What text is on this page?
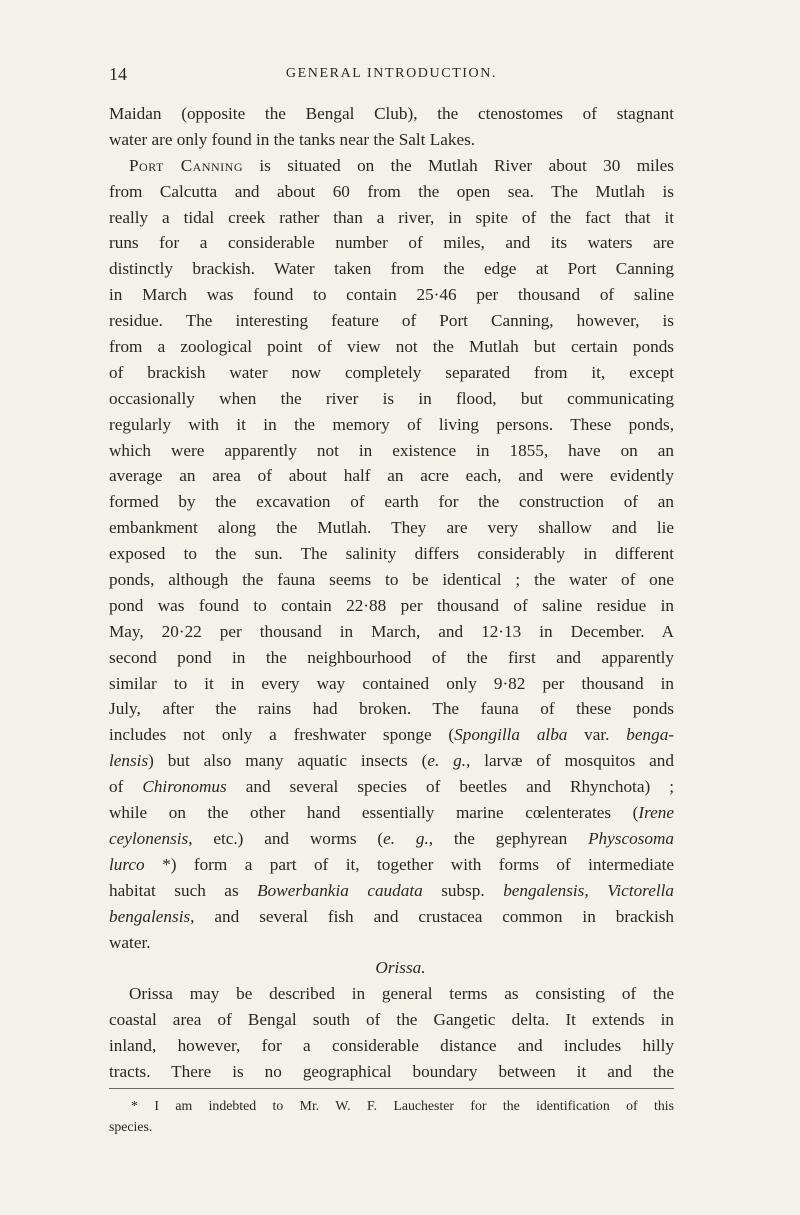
14	GENERAL INTRODUCTION.
Maidan (opposite the Bengal Club), the ctenostomes of stagnant
water are only found in the tanks near the Salt Lakes.
Port Canning is situated on the Mutlah River about 30 miles
from Calcutta and about 60 from the open sea. The Mutlah is
really a tidal creek rather than a river, in spite of the fact that it
runs for a considerable number of miles, and its waters are
distinctly brackish. Water taken from the edge at Port Canning
in March was found to contain 25·46 per thousand of saline
residue. The interesting feature of Port Canning, however, is
from a zoological point of view not the Mutlah but certain ponds
of brackish water now completely separated from it, except
occasionally when the river is in flood, but communicating
regularly with it in the memory of living persons. These ponds,
which were apparently not in existence in 1855, have on an
average an area of about half an acre each, and were evidently
formed by the excavation of earth for the construction of an
embankment along the Mutlah. They are very shallow and lie
exposed to the sun. The salinity differs considerably in different
ponds, although the fauna seems to be identical ; the water of one
pond was found to contain 22·88 per thousand of saline residue in
May, 20·22 per thousand in March, and 12·13 in December. A
second pond in the neighbourhood of the first and apparently
similar to it in every way contained only 9·82 per thousand in
July, after the rains had broken. The fauna of these ponds
includes not only a freshwater sponge (Spongilla alba var. benga-
lensis) but also many aquatic insects (e. g., larvæ of mosquitos and
of Chironomus and several species of beetles and Rhynchota) ;
while on the other hand essentially marine cœlenterates (Irene
ceylonensis, etc.) and worms (e. g., the gephyrean Physcosoma
lurco *) form a part of it, together with forms of intermediate
habitat such as Bowerbankia caudata subsp. bengalensis, Victorella
bengalensis, and several fish and crustacea common in brackish
water.
Orissa.
Orissa may be described in general terms as consisting of the
coastal area of Bengal south of the Gangetic delta. It extends in
inland, however, for a considerable distance and includes hilly
tracts. There is no geographical boundary between it and the
* I am indebted to Mr. W. F. Lauchester for the identification of this
species.
